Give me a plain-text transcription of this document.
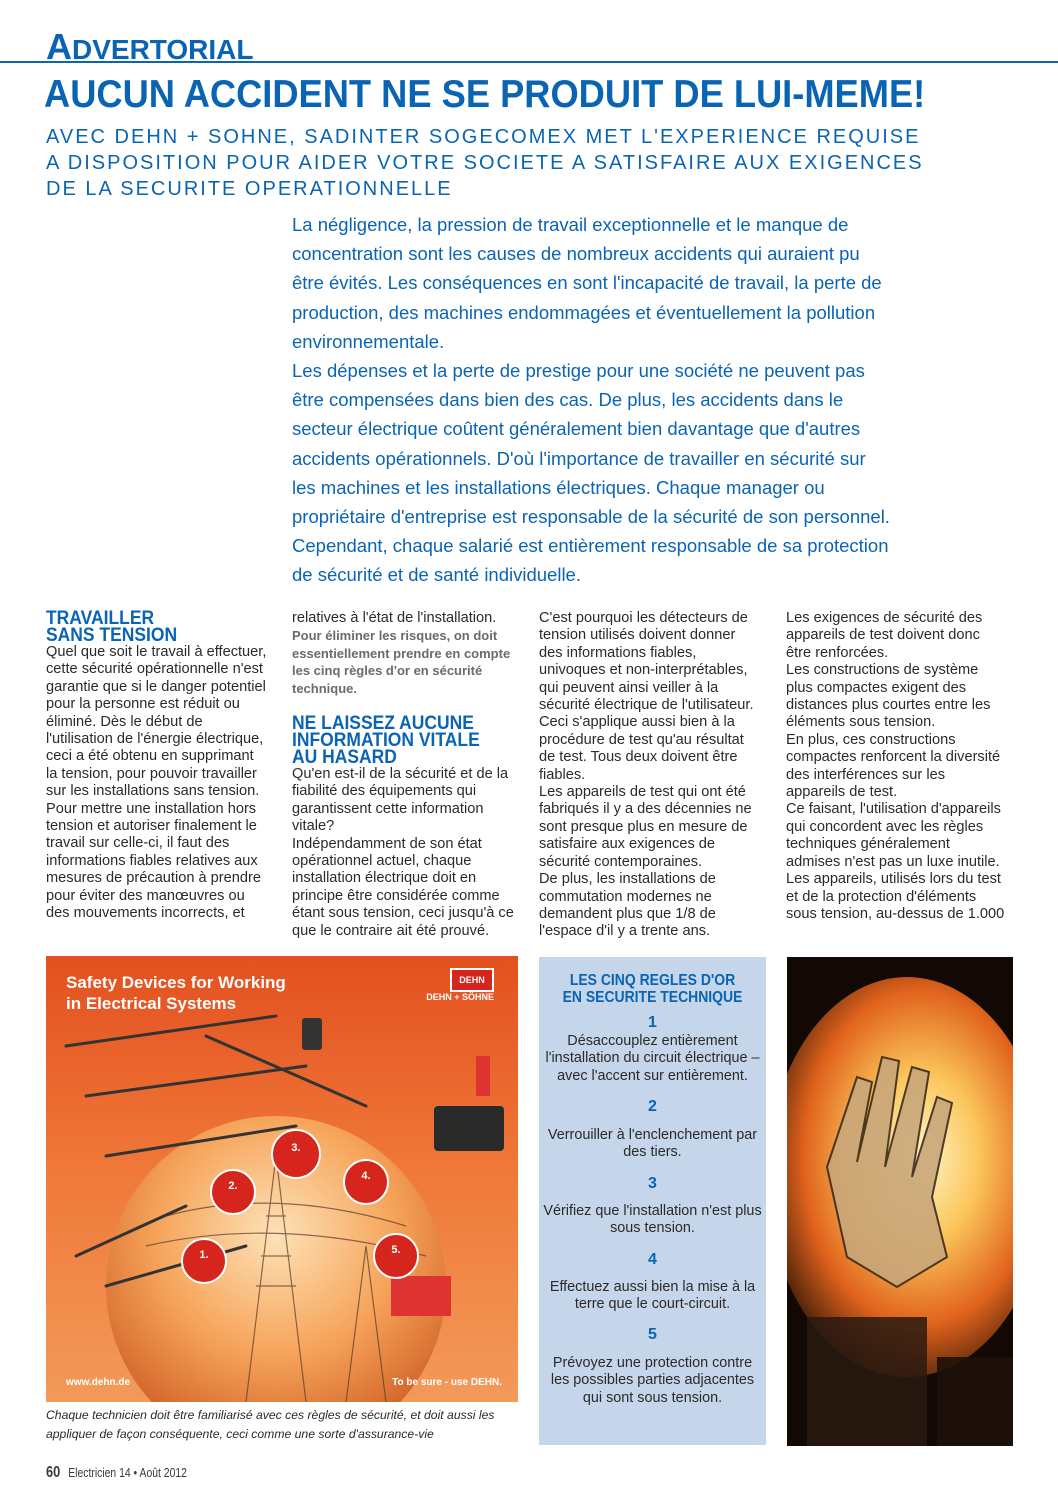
ADVERTORIAL
AUCUN ACCIDENT NE SE PRODUIT DE LUI-MEME!
AVEC DEHN + SOHNE, SADINTER SOGECOMEX MET L'EXPERIENCE REQUISE
A DISPOSITION POUR AIDER VOTRE SOCIETE A SATISFAIRE AUX EXIGENCES
DE LA SECURITE OPERATIONNELLE

La négligence, la pression de travail exceptionnelle et le manque de concentration sont les causes de nombreux accidents qui auraient pu être évités. Les conséquences en sont l'incapacité de travail, la perte de production, des machines endommagées et éventuellement la pollution environnementale.

Les dépenses et la perte de prestige pour une société ne peuvent pas être compensées dans bien des cas. De plus, les accidents dans le secteur électrique coûtent généralement bien davantage que d'autres accidents opérationnels. D'où l'importance de travailler en sécurité sur les machines et les installations électriques. Chaque manager ou propriétaire d'entreprise est responsable de la sécurité de son personnel. Cependant, chaque salarié est entièrement responsable de sa protection de sécurité et de santé individuelle.

TRAVAILLER SANS TENSION

Quel que soit le travail à effectuer, cette sécurité opérationnelle n'est garantie que si le danger potentiel pour la personne est réduit ou éliminé. Dès le début de l'utilisation de l'énergie électrique, ceci a été obtenu en supprimant la tension, pour pouvoir travailler sur les installations sans tension. Pour mettre une installation hors tension et autoriser finalement le travail sur celle-ci, il faut des informations fiables relatives aux mesures de précaution à prendre pour éviter des manœuvres ou des mouvements incorrects, et

relatives à l'état de l'installation.

Pour éliminer les risques, on doit essentiellement prendre en compte les cinq règles d'or en sécurité technique.

NE LAISSEZ AUCUNE INFORMATION VITALE AU HASARD

Qu'en est-il de la sécurité et de la fiabilité des équipements qui garantissent cette information vitale?

Indépendamment de son état opérationnel actuel, chaque installation électrique doit en principe être considérée comme étant sous tension, ceci jusqu'à ce que le contraire ait été prouvé.

C'est pourquoi les détecteurs de tension utilisés doivent donner des informations fiables, univoques et non-interprétables, qui peuvent ainsi veiller à la sécurité électrique de l'utilisateur. Ceci s'applique aussi bien à la procédure de test qu'au résultat de test. Tous deux doivent être fiables.

Les appareils de test qui ont été fabriqués il y a des décennies ne sont presque plus en mesure de satisfaire aux exigences de sécurité contemporaines.

De plus, les installations de commutation modernes ne demandent plus que 1/8 de l'espace d'il y a trente ans.

Les exigences de sécurité des appareils de test doivent donc être renforcées.

Les constructions de système plus compactes exigent des distances plus courtes entre les éléments sous tension.

En plus, ces constructions compactes renforcent la diversité des interférences sur les appareils de test.

Ce faisant, l'utilisation d'appareils qui concordent avec les règles techniques généralement admises n'est pas un luxe inutile. Les appareils, utilisés lors du test et de la protection d'éléments sous tension, au-dessus de 1.000

1.
2.
3.
4.
5.
Safety Devices for Working
in Electrical Systems
DEHN
DEHN + SÖHNE
www.dehn.de	To be sure - use DEHN.
Chaque technicien doit être familiarisé avec ces règles de sécurité, et doit aussi les appliquer de façon conséquente, ceci comme une sorte d'assurance-vie
LES CINQ REGLES D'OR
EN SECURITE TECHNIQUE
1
Désaccouplez entièrement l'installation du circuit électrique – avec l'accent sur entièrement.
2
Verrouiller à l'enclenchement par des tiers.
3
Vérifiez que l'installation n'est plus sous tension.
4
Effectuez aussi bien la mise à la terre que le court-circuit.
5
Prévoyez une protection contre les possibles parties adjacentes qui sont sous tension.
60 Electricien 14 • Août 2012
